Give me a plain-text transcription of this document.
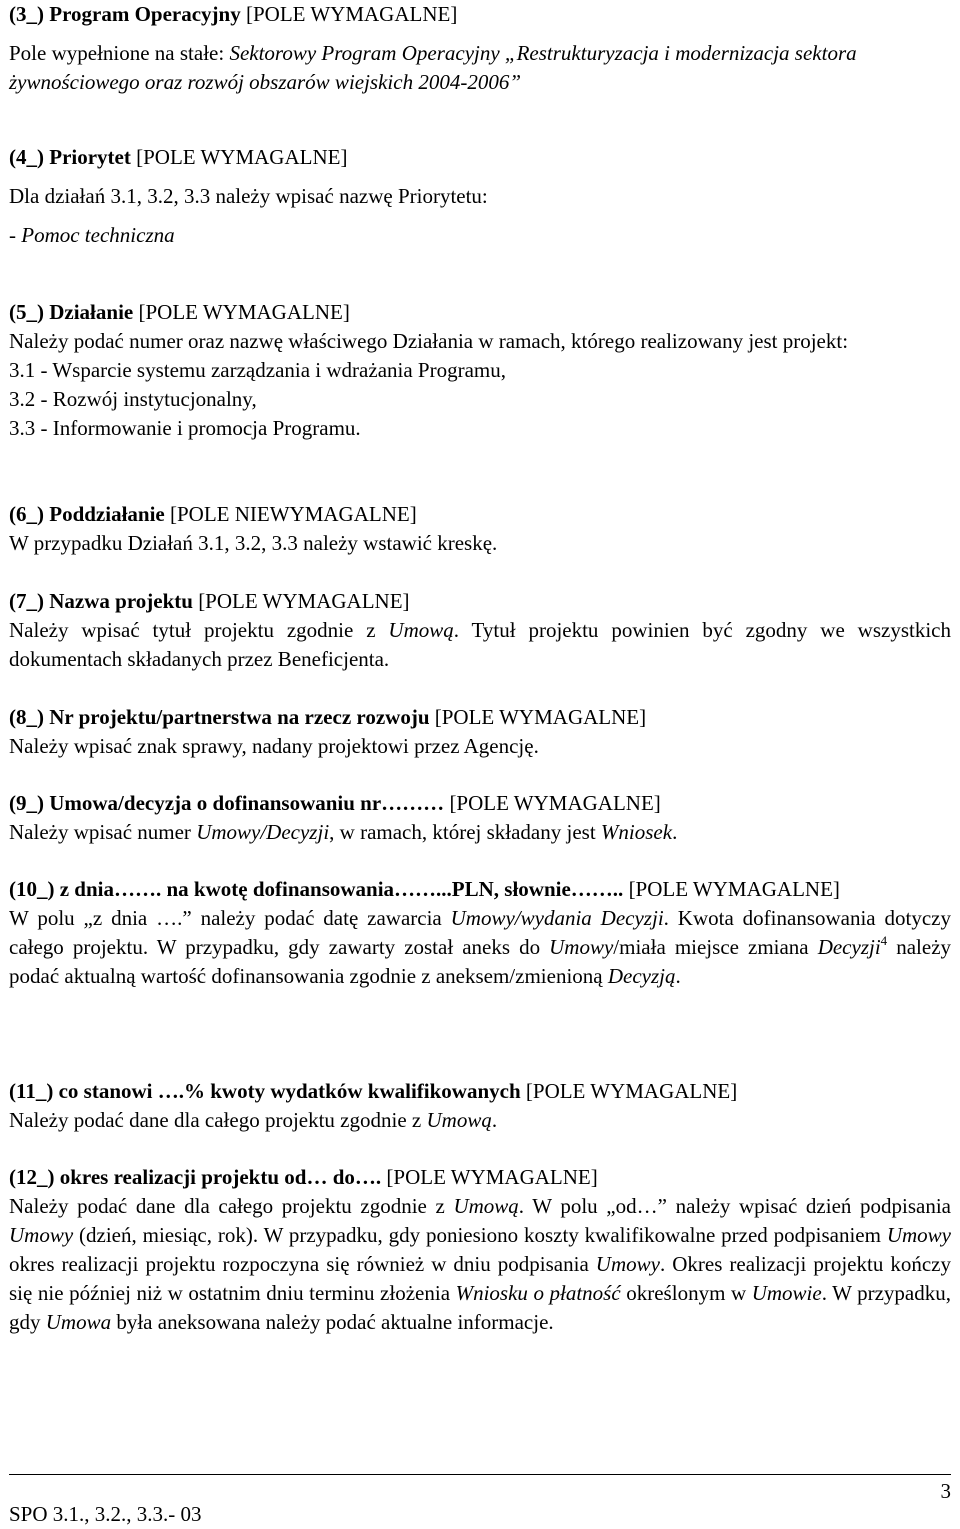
(3_) Program Operacyjny [POLE WYMAGALNE]

Pole wypełnione na stałe: Sektorowy Program Operacyjny „Restrukturyzacja i modernizacja sektora żywnościowego oraz rozwój obszarów wiejskich 2004-2006”

(4_) Priorytet [POLE WYMAGALNE]

Dla działań 3.1, 3.2, 3.3 należy wpisać nazwę Priorytetu:

- Pomoc techniczna

(5_) Działanie [POLE WYMAGALNE]

Należy podać numer oraz nazwę właściwego Działania w ramach, którego realizowany jest projekt:

3.1 - Wsparcie systemu zarządzania i wdrażania Programu,

3.2 - Rozwój instytucjonalny,

3.3 - Informowanie i promocja Programu.

(6_) Poddziałanie [POLE NIEWYMAGALNE]

W przypadku Działań 3.1, 3.2, 3.3 należy wstawić kreskę.

(7_) Nazwa projektu [POLE WYMAGALNE]

Należy wpisać tytuł projektu zgodnie z Umową. Tytuł projektu powinien być zgodny we wszystkich dokumentach składanych przez Beneficjenta.

(8_) Nr projektu/partnerstwa na rzecz rozwoju [POLE WYMAGALNE]

Należy wpisać znak sprawy, nadany projektowi przez Agencję.

(9_) Umowa/decyzja o dofinansowaniu nr……… [POLE WYMAGALNE]

Należy wpisać numer Umowy/Decyzji, w ramach, której składany jest Wniosek.

(10_) z dnia……. na kwotę dofinansowania……...PLN, słownie…….. [POLE WYMAGALNE]

W polu „z dnia ….” należy podać datę zawarcia Umowy/wydania Decyzji. Kwota dofinansowania dotyczy całego projektu. W przypadku, gdy zawarty został aneks do Umowy/miała miejsce zmiana Decyzji$^4$ należy podać aktualną wartość dofinansowania zgodnie z aneksem/zmienioną Decyzją.

(11_) co stanowi ….% kwoty wydatków kwalifikowanych [POLE WYMAGALNE]

Należy podać dane dla całego projektu zgodnie z Umową.

(12_) okres realizacji projektu od… do…. [POLE WYMAGALNE]

Należy podać dane dla całego projektu zgodnie z Umową. W polu „od…” należy wpisać dzień podpisania Umowy (dzień, miesiąc, rok). W przypadku, gdy poniesiono koszty kwalifikowalne przed podpisaniem Umowy okres realizacji projektu rozpoczyna się również w dniu podpisania Umowy. Okres realizacji projektu kończy się nie później niż w ostatnim dniu terminu złożenia Wniosku o płatność określonym w Umowie. W przypadku, gdy Umowa była aneksowana należy podać aktualne informacje.

SPO 3.1., 3.2., 3.3.- 03
3
